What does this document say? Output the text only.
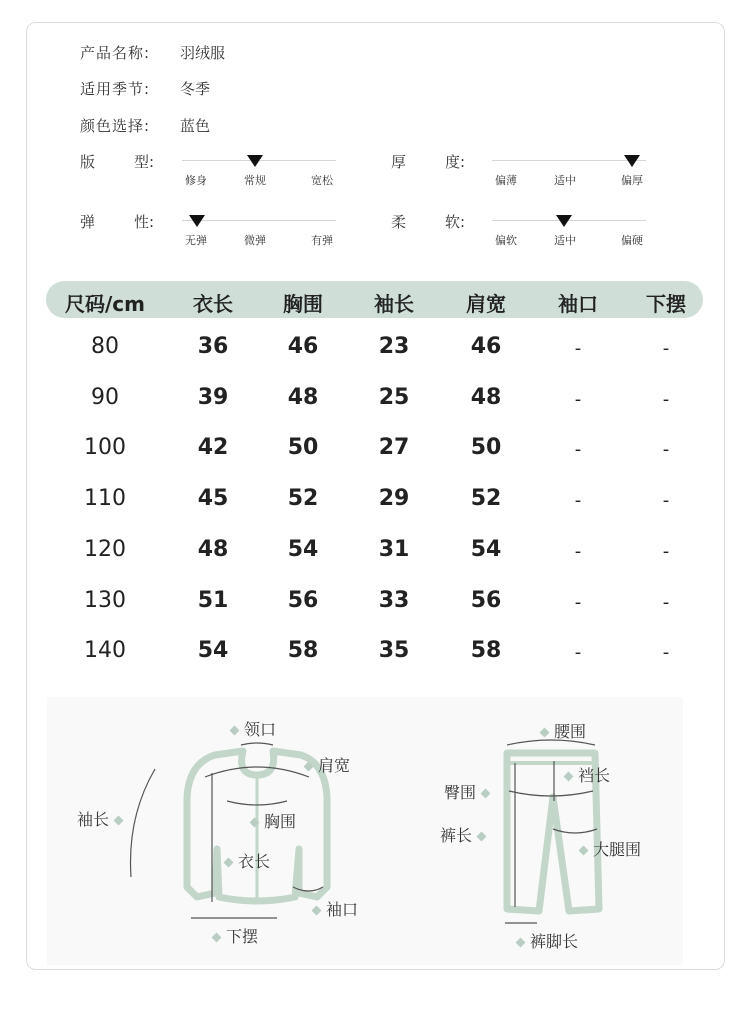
产品名称: 羽绒服
适用季节: 冬季
颜色选择: 蓝色
版	型:
修身	常规	宽松
厚	度:
偏薄	适中	偏厚
弹	性:
无弹	微弹	有弹
柔	软:
偏软	适中	偏硬
尺码/cm	衣长	胸围	袖长	肩宽	袖口	下摆
80	36	46	23	46	-	-
90	39	48	25	48	-	-
100	42	50	27	50	-	-
110	45	52	29	52	-	-
120	48	54	31	54	-	-
130	51	56	33	56	-	-
140	54	58	35	58	-	-
领口
肩宽
袖长	胸围
衣长
袖口
下摆
腰围
裆长
臀围
裤长
大腿围
裤脚长
